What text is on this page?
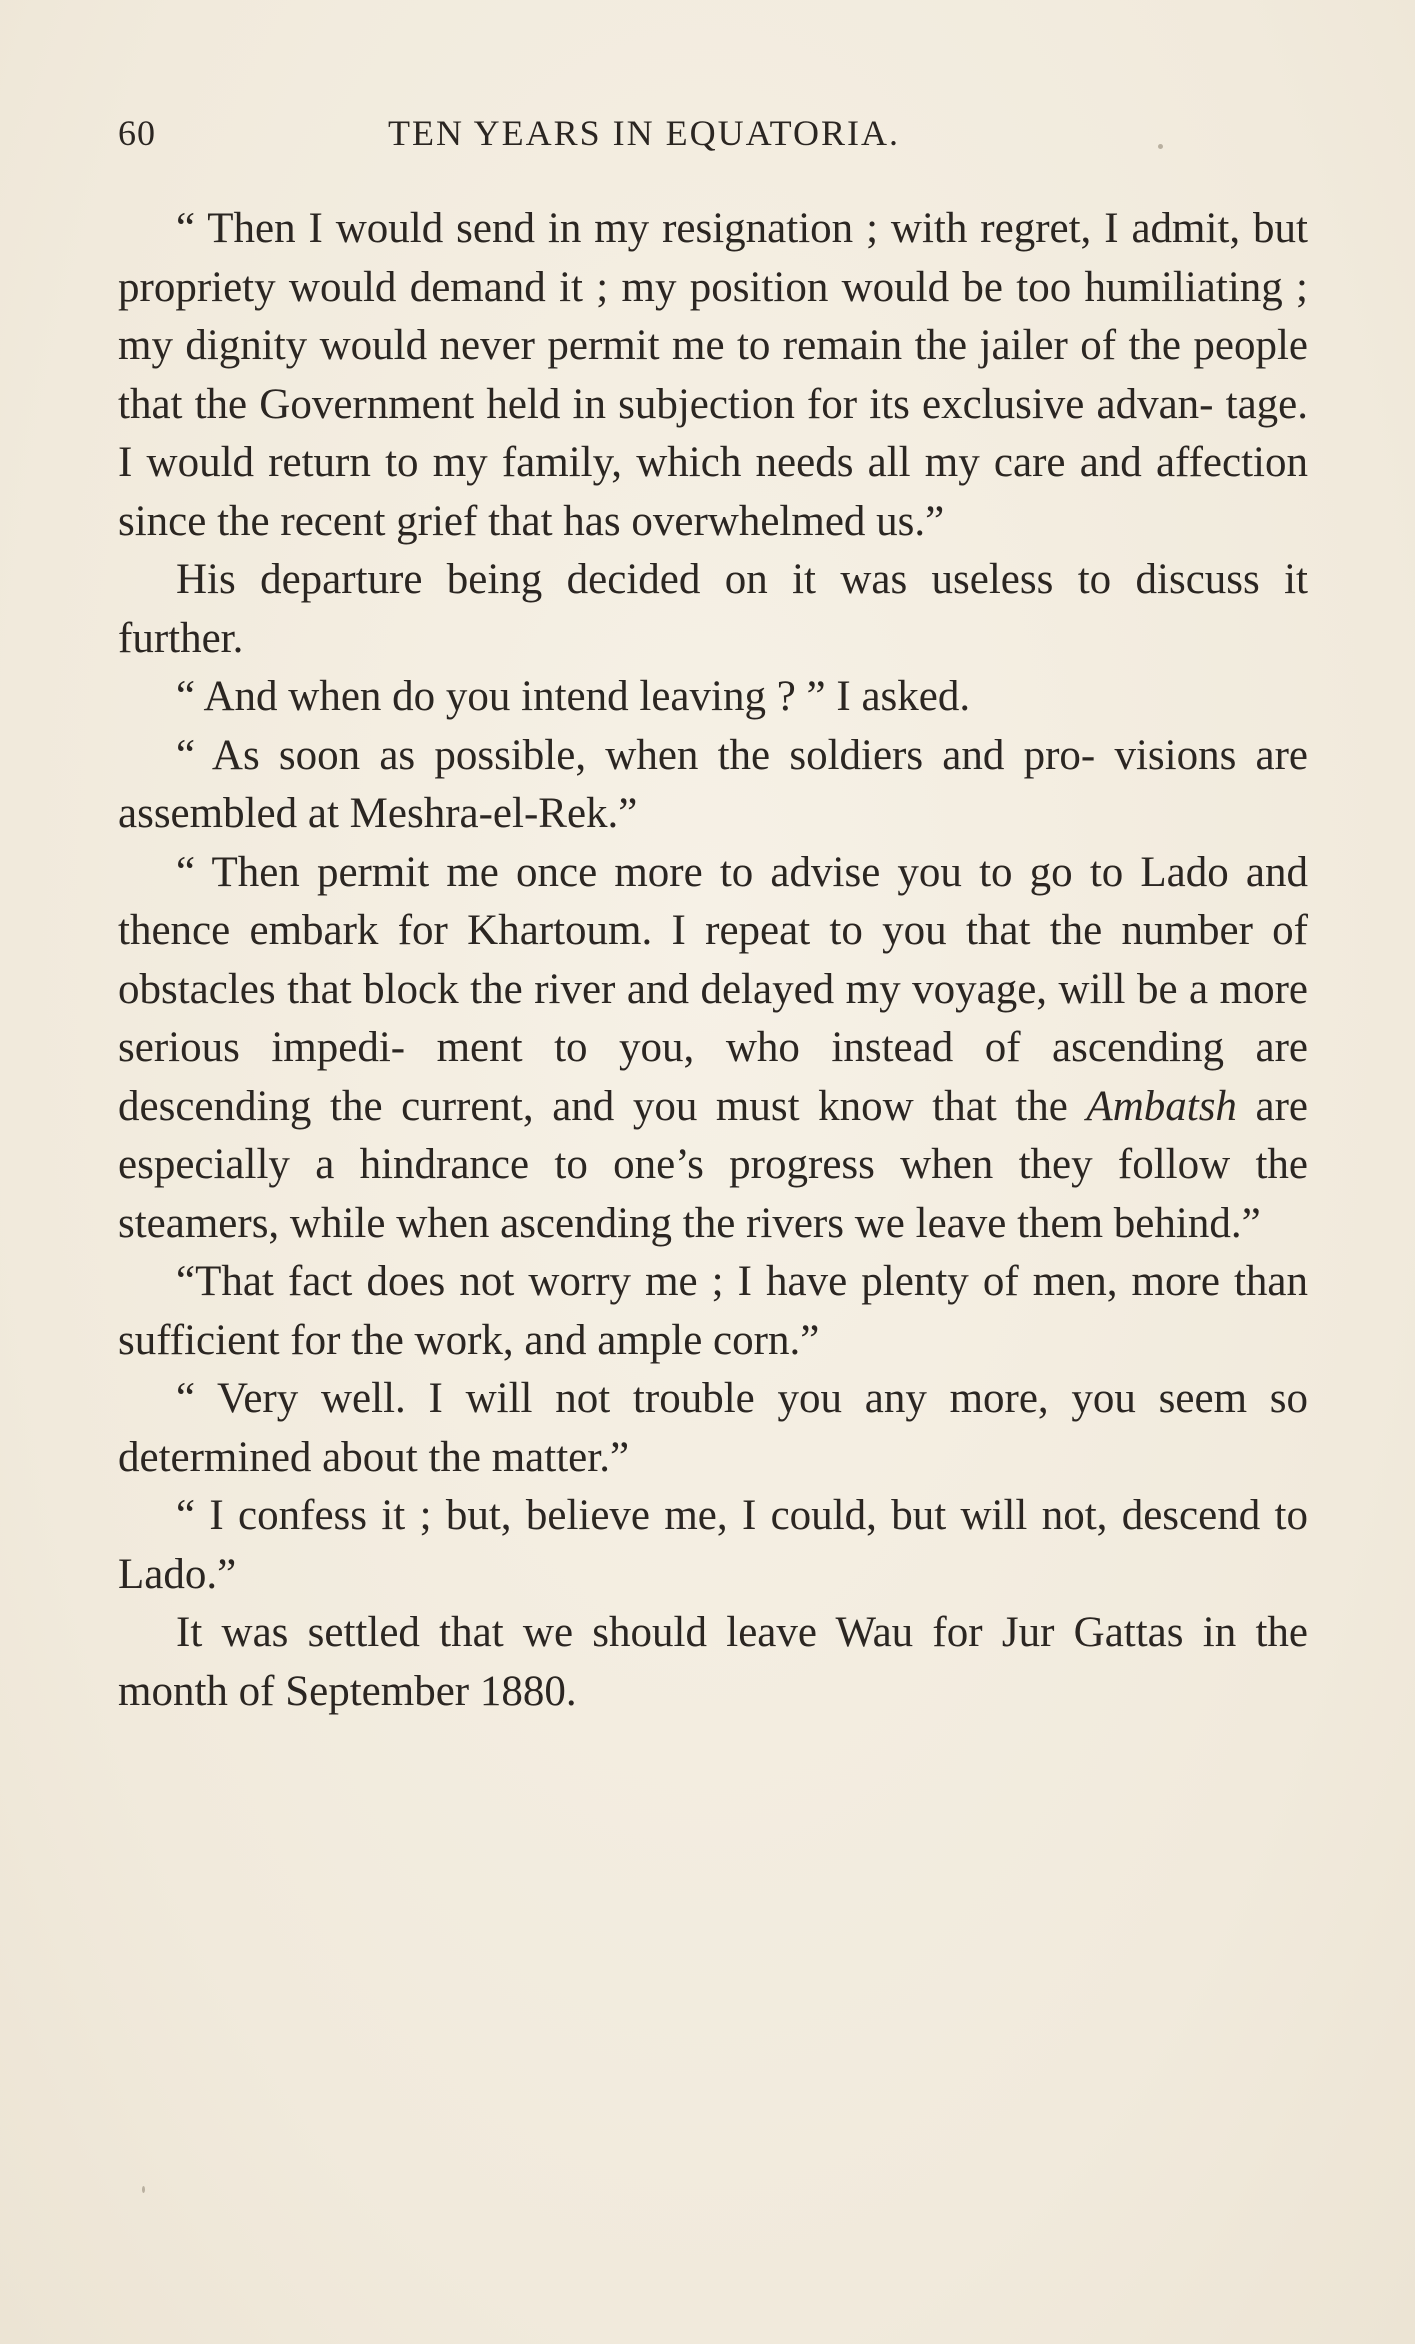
60	TEN YEARS IN EQUATORIA.

“ Then I would send in my resignation ; with regret, I admit, but propriety would demand it ; my position would be too humiliating ; my dignity would never permit me to remain the jailer of the people that the Government held in subjection for its exclusive advan- tage. I would return to my family, which needs all my care and affection since the recent grief that has overwhelmed us.”

His departure being decided on it was useless to discuss it further.

“ And when do you intend leaving ? ” I asked.

“ As soon as possible, when the soldiers and pro- visions are assembled at Meshra-el-Rek.”

“ Then permit me once more to advise you to go to Lado and thence embark for Khartoum. I repeat to you that the number of obstacles that block the river and delayed my voyage, will be a more serious impedi- ment to you, who instead of ascending are descending the current, and you must know that the Ambatsh are especially a hindrance to one’s progress when they follow the steamers, while when ascending the rivers we leave them behind.”

“That fact does not worry me ; I have plenty of men, more than sufficient for the work, and ample corn.”

“ Very well. I will not trouble you any more, you seem so determined about the matter.”

“ I confess it ; but, believe me, I could, but will not, descend to Lado.”

It was settled that we should leave Wau for Jur Gattas in the month of September 1880.
